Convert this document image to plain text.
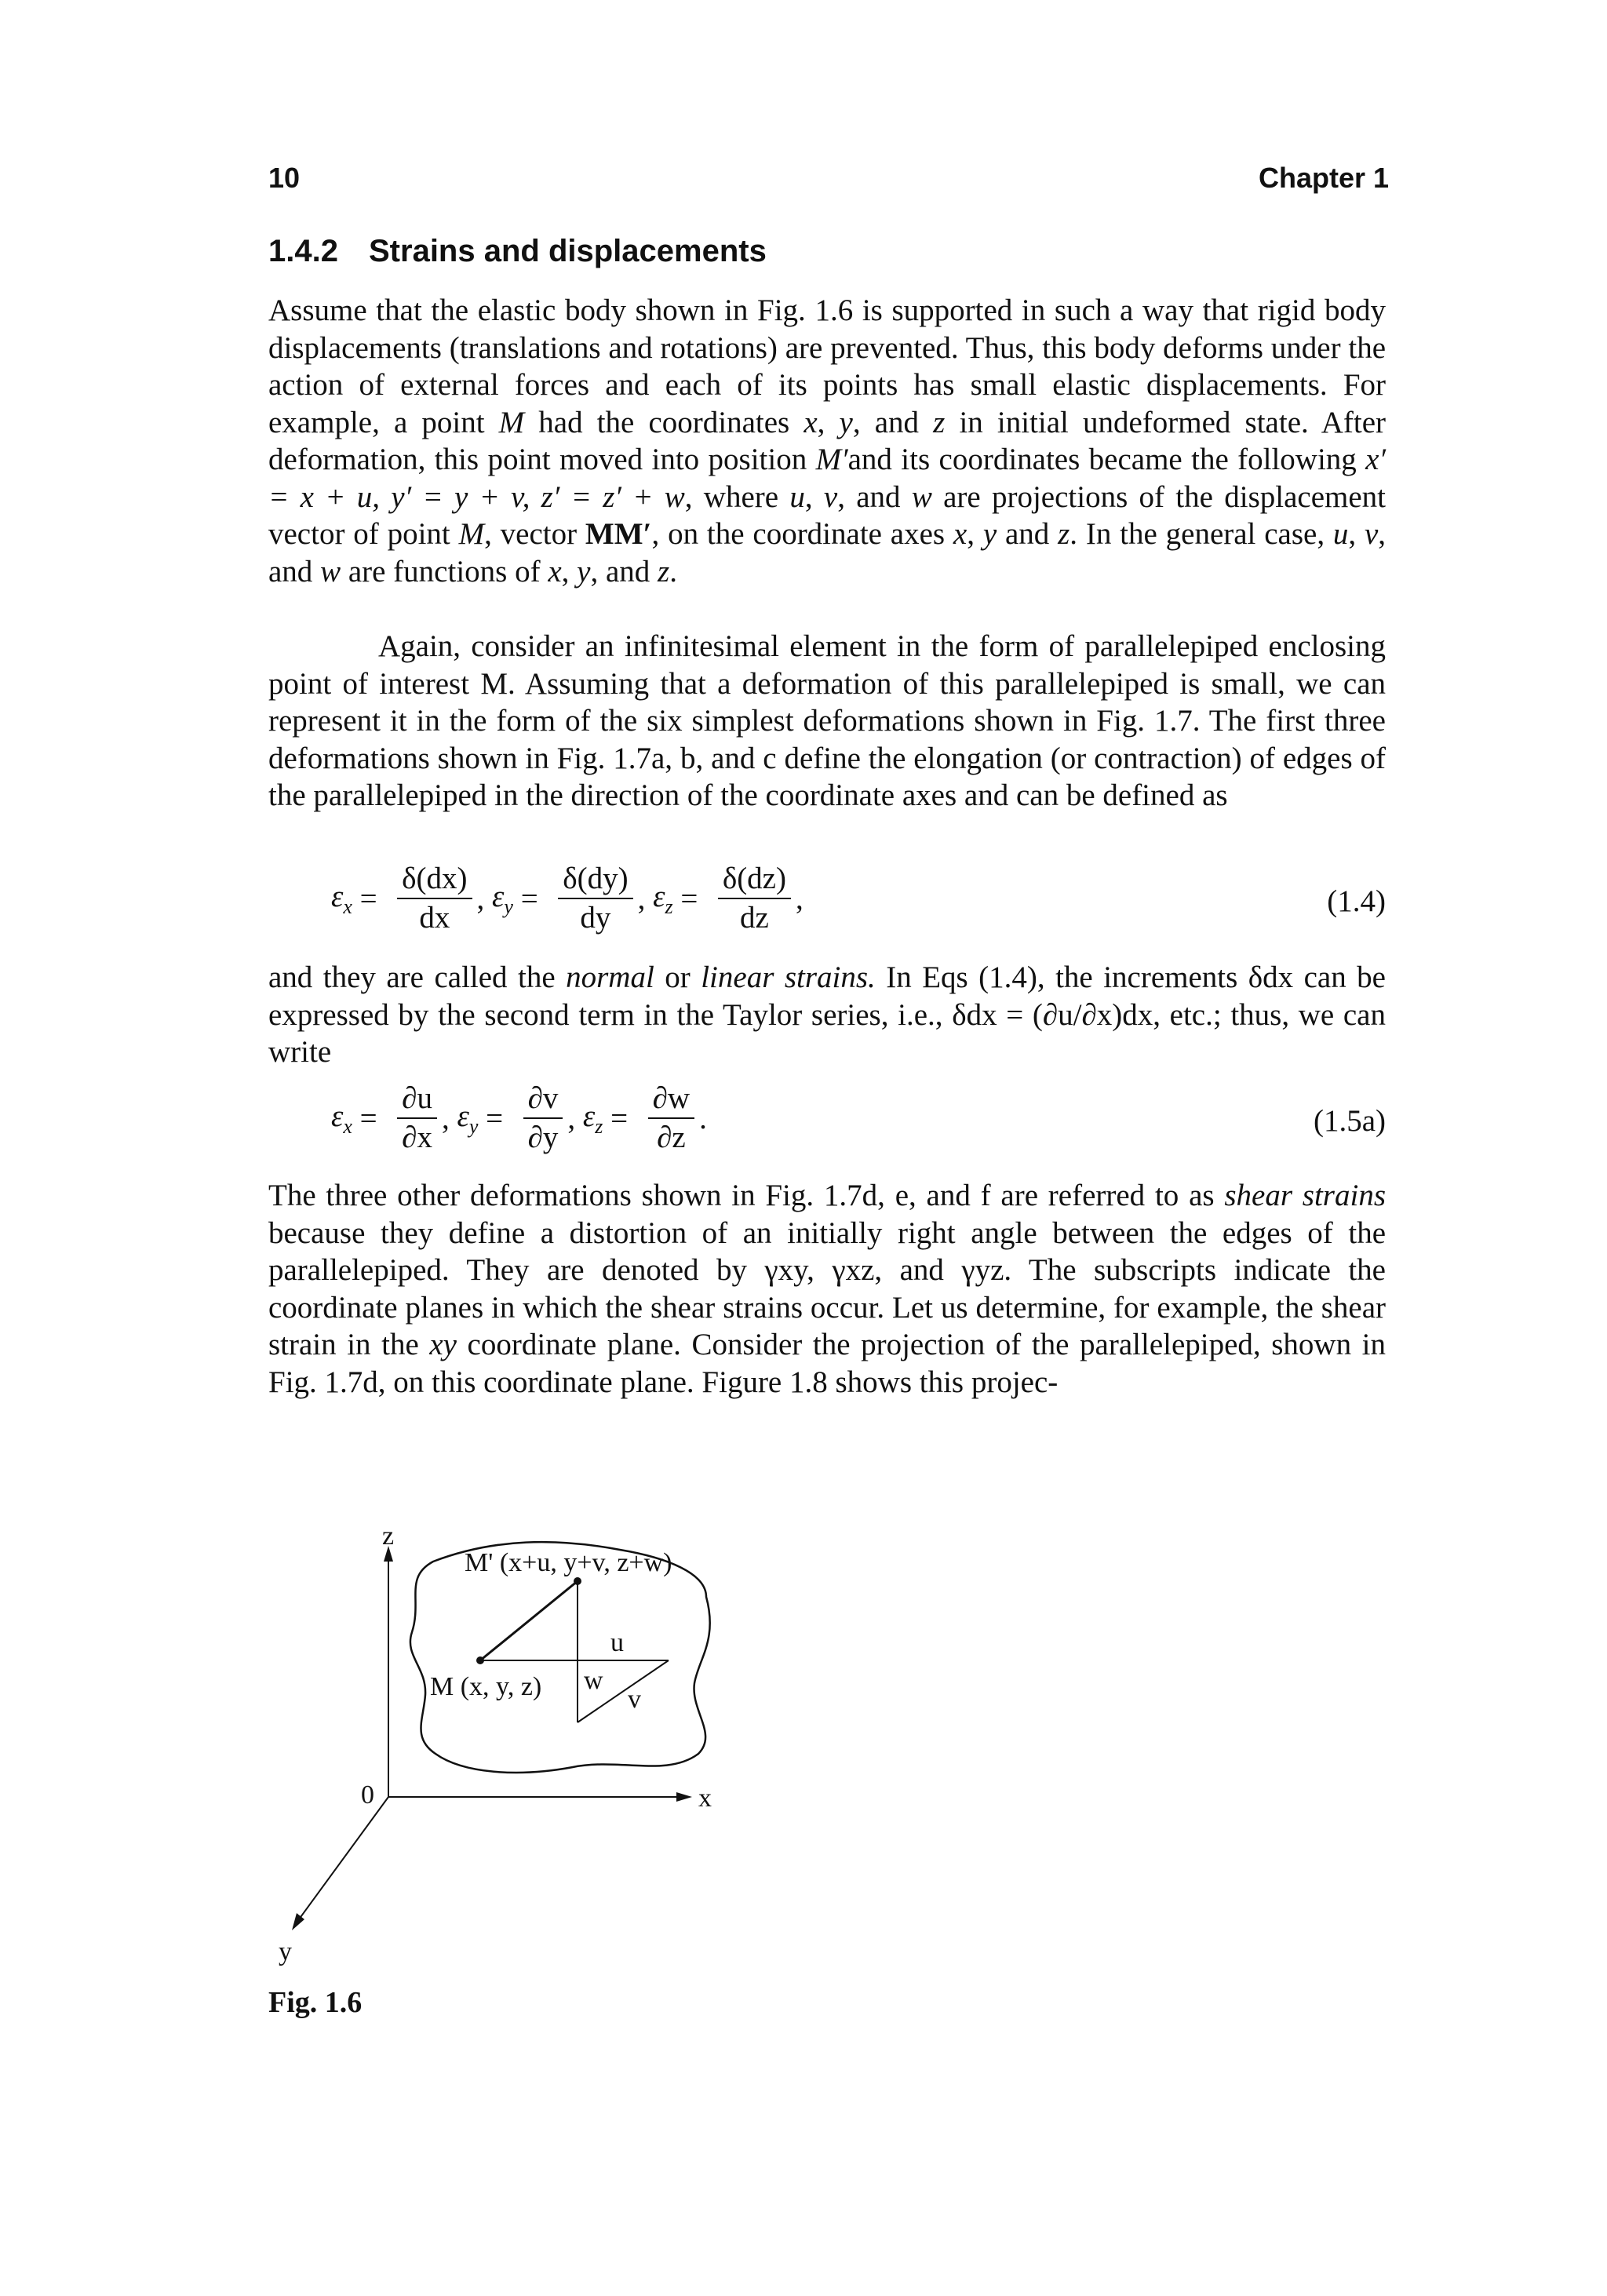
10	Chapter 1
1.4.2 Strains and displacements

Assume that the elastic body shown in Fig. 1.6 is supported in such a way that rigid body displacements (translations and rotations) are prevented. Thus, this body deforms under the action of external forces and each of its points has small elastic displacements. For example, a point M had the coordinates x, y, and z in initial undeformed state. After deformation, this point moved into position M′and its coordinates became the following x′ = x + u, y′ = y + v, z′ = z′ + w, where u, v, and w are projections of the displacement vector of point M, vector MM′, on the coordinate axes x, y and z. In the general case, u, v, and w are functions of x, y, and z.

Again, consider an infinitesimal element in the form of parallelepiped enclosing point of interest M. Assuming that a deformation of this parallelepiped is small, we can represent it in the form of the six simplest deformations shown in Fig. 1.7. The first three deformations shown in Fig. 1.7a, b, and c define the elongation (or contraction) of edges of the parallelepiped in the direction of the coordinate axes and can be defined as

$\varepsilon_x = \frac{\delta(dx)}{dx}$ , $\varepsilon_y = \frac{\delta(dy)}{dy}$ , $\varepsilon_z = \frac{\delta(dz)}{dz}$ ,	(1.4)

and they are called the normal or linear strains. In Eqs (1.4), the increments δdx can be expressed by the second term in the Taylor series, i.e., δdx = (∂u/∂x)dx, etc.; thus, we can write

$\varepsilon_x = \frac{\partial u}{\partial x}$ , $\varepsilon_y = \frac{\partial v}{\partial y}$ , $\varepsilon_z = \frac{\partial w}{\partial z}$ .	(1.5a)

The three other deformations shown in Fig. 1.7d, e, and f are referred to as shear strains because they define a distortion of an initially right angle between the edges of the parallelepiped. They are denoted by γxy, γxz, and γyz. The subscripts indicate the coordinate planes in which the shear strains occur. Let us determine, for example, the shear strain in the xy coordinate plane. Consider the projection of the parallelepiped, shown in Fig. 1.7d, on this coordinate plane. Figure 1.8 shows this projec-

z
x
y
0
M' (x+u, y+v, z+w)
M (x, y, z)
u
v
w
Fig. 1.6
